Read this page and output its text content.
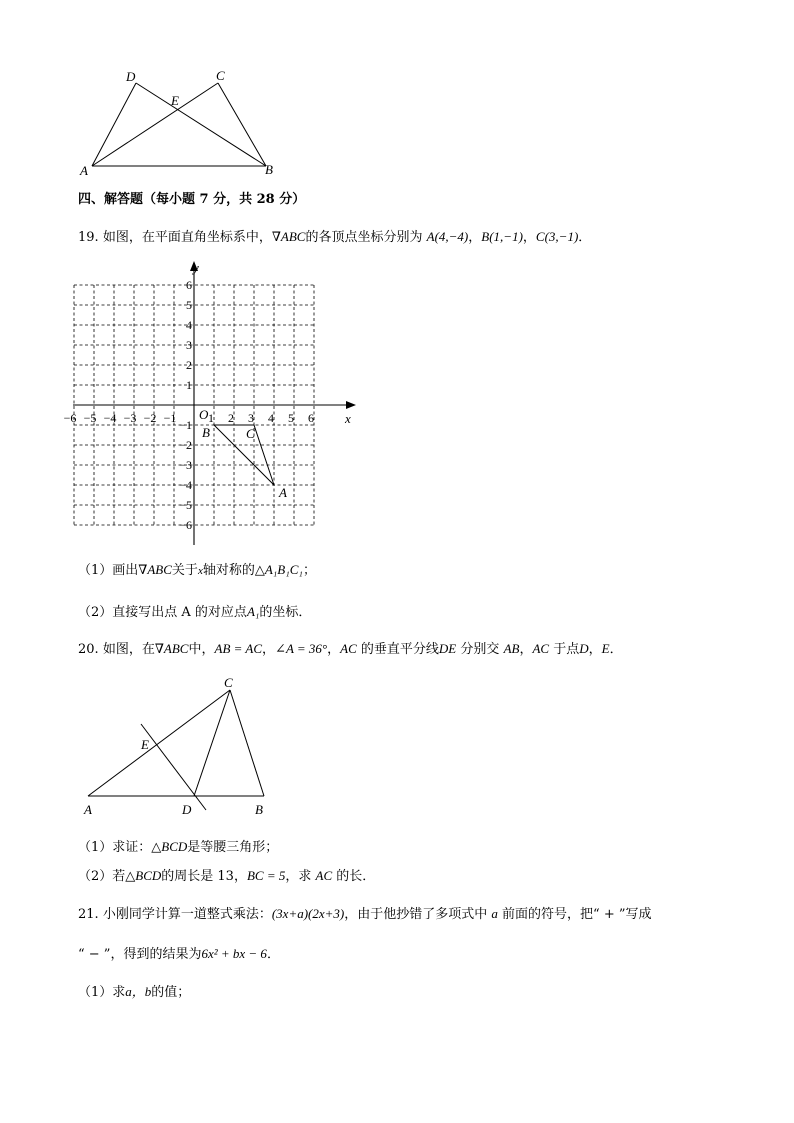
D	C
E
A	B
四、解答题（每小题 7 分，共 28 分）
19. 如图，在平面直角坐标系中，∇ABC的各顶点坐标分别为 A(4,−4)，B(1,−1)，C(3,−1)．
x
y
O
−6 −5 −4 −3 −2 −1	1 2 3 4 5 6
6
5
4
3
2
1
−1
−2
−3
−4
−5
−6
A
B	C
（1）画出∇ABC关于x轴对称的△A₁B₁C₁；
（2）直接写出点 A 的对应点A₁的坐标．
20. 如图，在∇ABC中，AB = AC，∠A = 36°，AC 的垂直平分线DE 分别交 AB，AC 于点D，E．
C
E
A	D	B
（1）求证：△BCD是等腰三角形；
（2）若△BCD的周长是 13，BC = 5，求 AC 的长．
21. 小刚同学计算一道整式乘法：(3x+a)(2x+3)，由于他抄错了多项式中 a 前面的符号，把“ + ”写成
“ − ”，得到的结果为6x² + bx − 6．
（1）求a，b的值；
